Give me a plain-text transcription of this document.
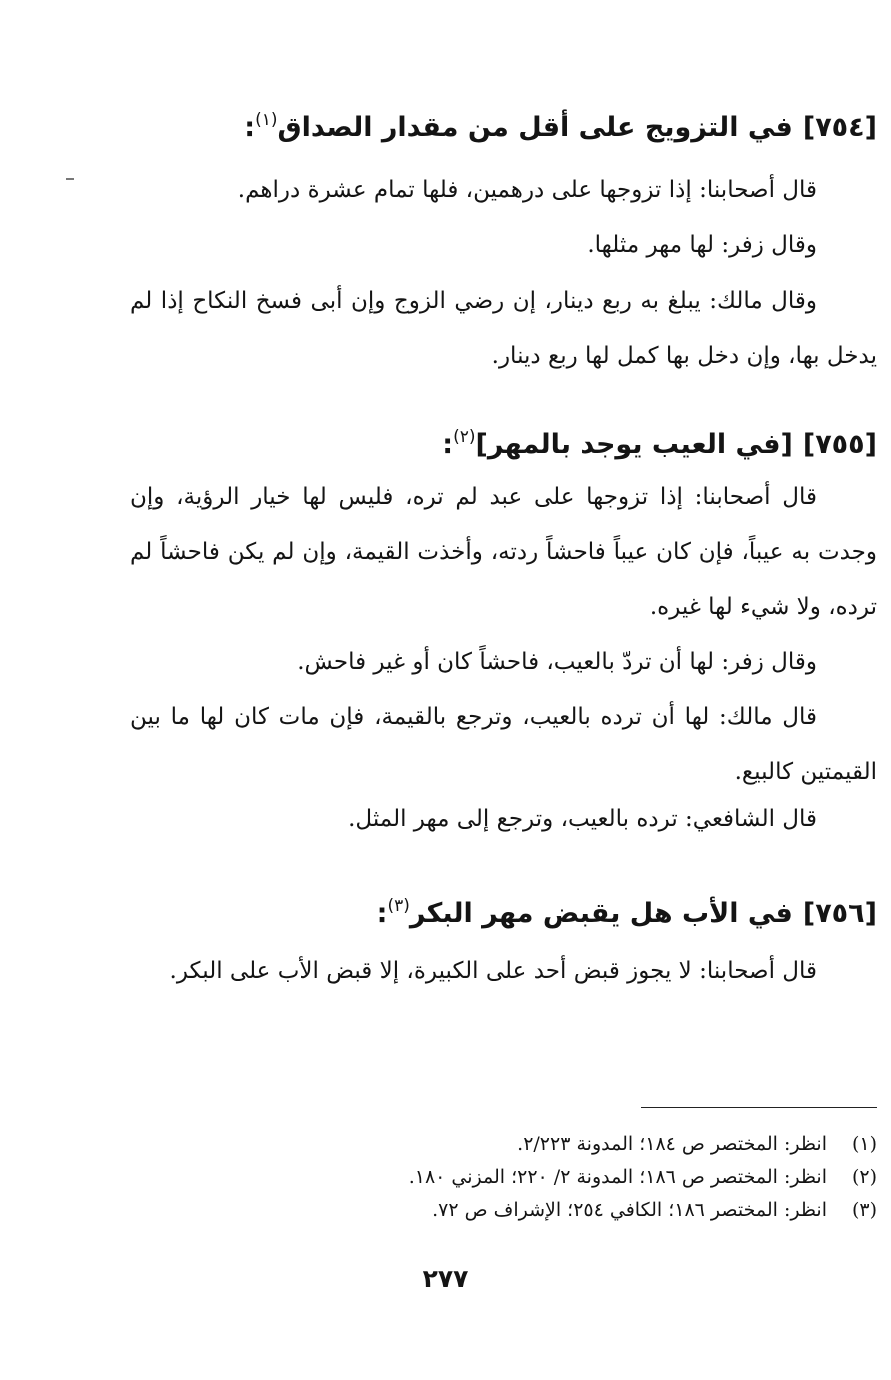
[٧٥٤]في التزويج على أقل من مقدار الصداق$^{(١)}$:
قال أصحابنا: إذا تزوجها على درهمين، فلها تمام عشرة دراهم.
وقال زفر: لها مهر مثلها.
وقال مالك: يبلغ به ربع دينار، إن رضي الزوج وإن أبى فسخ النكاح إذا لم يدخل بها، وإن دخل بها كمل لها ربع دينار.
[٧٥٥][في العيب يوجد بالمهر]$^{(٢)}$:
قال أصحابنا: إذا تزوجها على عبد لم تره، فليس لها خيار الرؤية، وإن وجدت به عيباً، فإن كان عيباً فاحشاً ردته، وأخذت القيمة، وإن لم يكن فاحشاً لم ترده، ولا شيء لها غيره.
وقال زفر: لها أن تردّ بالعيب، فاحشاً كان أو غير فاحش.
قال مالك: لها أن ترده بالعيب، وترجع بالقيمة، فإن مات كان لها ما بين القيمتين كالبيع.
قال الشافعي: ترده بالعيب، وترجع إلى مهر المثل.
[٧٥٦]في الأب هل يقبض مهر البكر$^{(٣)}$:
قال أصحابنا: لا يجوز قبض أحد على الكبيرة، إلا قبض الأب على البكر.
(١)
انظر: المختصر ص ١٨٤؛ المدونة ٢/٢٢٣.
(٢)
انظر: المختصر ص ١٨٦؛ المدونة ٢/ ٢٢٠؛ المزني ١٨٠.
(٣)
انظر: المختصر ١٨٦؛ الكافي ٢٥٤؛ الإشراف ص ٧٢.
٢٧٧
